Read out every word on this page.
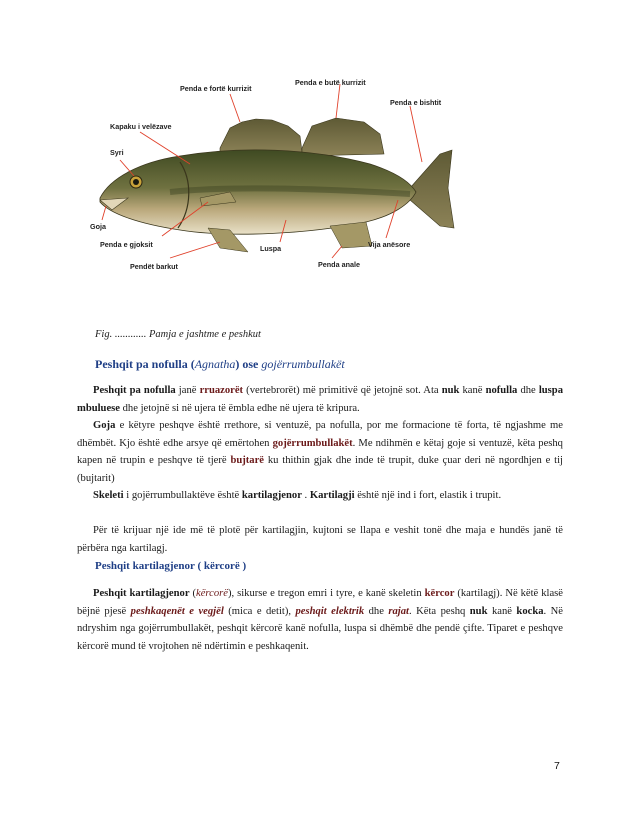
Penda e fortë kurrizit
Penda e butë kurrizit
Penda e bishtit
Kapaku i velëzave
Syri
Goja
Penda e gjoksit
Pendët barkut
Luspa	Vija anësore
Penda anale
Fig. ............ Pamja e jashtme e peshkut
Peshqit pa nofulla (Agnatha) ose gojërrumbullakët
Peshqit pa nofulla janë rruazorët (vertebrorët) më primitivë që jetojnë sot. Ata nuk kanë nofulla dhe luspa mbuluese dhe jetojnë si në ujera të ëmbla edhe në ujera të kripura.
Goja e këtyre peshqve është rrethore, si ventuzë, pa nofulla, por me formacione të forta, të ngjashme me dhëmbët. Kjo është edhe arsye që emërtohen gojërrumbullakët. Me ndihmën e këtaj goje si ventuzë, këta peshq kapen në trupin e peshqve të tjerë bujtarë ku thithin gjak dhe inde të trupit, duke çuar deri në ngordhjen e tij (bujtarit)
Skeleti i gojërrumbullaktëve është kartilagjenor . Kartilagji është një ind i fort, elastik i trupit.
Për të krijuar një ide më të plotë për kartilagjin, kujtoni se llapa e veshit tonë dhe maja e hundës janë të përbëra nga kartilagj.
Peshqit kartilagjenor ( kërcorë )
Peshqit kartilagjenor (kërcorë), sikurse e tregon emri i tyre, e kanë skeletin kërcor (kartilagj). Në këtë klasë bëjnë pjesë peshkaqenët e vegjël (mica e detit), peshqit elektrik dhe rajat. Këta peshq nuk kanë kocka. Në ndryshim nga gojërrumbullakët, peshqit kërcorë kanë nofulla, luspa si dhëmbë dhe pendë çifte. Tiparet e peshqve kërcorë mund të vrojtohen në ndërtimin e peshkaqenit.
7
